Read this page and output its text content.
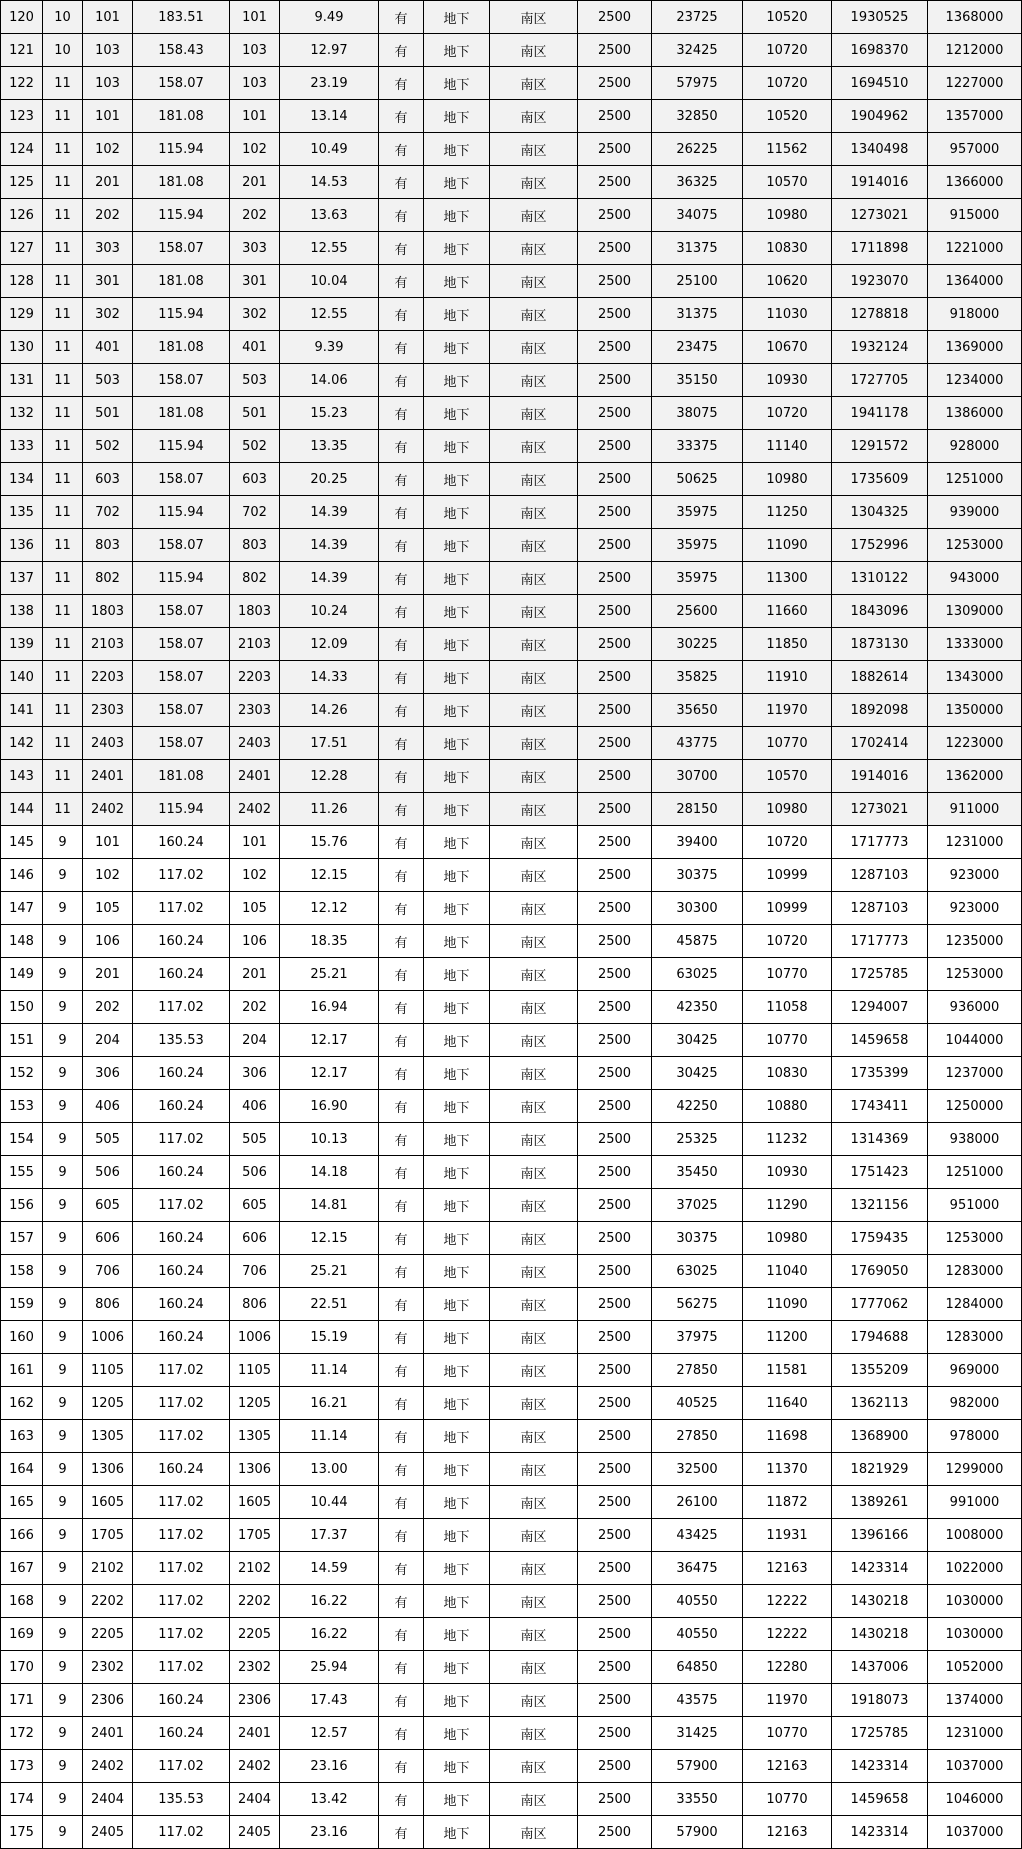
120	10	101	183.51	101	9.49	有	地下	南区	2500	23725	10520	1930525	1368000
121	10	103	158.43	103	12.97	有	地下	南区	2500	32425	10720	1698370	1212000
122	11	103	158.07	103	23.19	有	地下	南区	2500	57975	10720	1694510	1227000
123	11	101	181.08	101	13.14	有	地下	南区	2500	32850	10520	1904962	1357000
124	11	102	115.94	102	10.49	有	地下	南区	2500	26225	11562	1340498	957000
125	11	201	181.08	201	14.53	有	地下	南区	2500	36325	10570	1914016	1366000
126	11	202	115.94	202	13.63	有	地下	南区	2500	34075	10980	1273021	915000
127	11	303	158.07	303	12.55	有	地下	南区	2500	31375	10830	1711898	1221000
128	11	301	181.08	301	10.04	有	地下	南区	2500	25100	10620	1923070	1364000
129	11	302	115.94	302	12.55	有	地下	南区	2500	31375	11030	1278818	918000
130	11	401	181.08	401	9.39	有	地下	南区	2500	23475	10670	1932124	1369000
131	11	503	158.07	503	14.06	有	地下	南区	2500	35150	10930	1727705	1234000
132	11	501	181.08	501	15.23	有	地下	南区	2500	38075	10720	1941178	1386000
133	11	502	115.94	502	13.35	有	地下	南区	2500	33375	11140	1291572	928000
134	11	603	158.07	603	20.25	有	地下	南区	2500	50625	10980	1735609	1251000
135	11	702	115.94	702	14.39	有	地下	南区	2500	35975	11250	1304325	939000
136	11	803	158.07	803	14.39	有	地下	南区	2500	35975	11090	1752996	1253000
137	11	802	115.94	802	14.39	有	地下	南区	2500	35975	11300	1310122	943000
138	11	1803	158.07	1803	10.24	有	地下	南区	2500	25600	11660	1843096	1309000
139	11	2103	158.07	2103	12.09	有	地下	南区	2500	30225	11850	1873130	1333000
140	11	2203	158.07	2203	14.33	有	地下	南区	2500	35825	11910	1882614	1343000
141	11	2303	158.07	2303	14.26	有	地下	南区	2500	35650	11970	1892098	1350000
142	11	2403	158.07	2403	17.51	有	地下	南区	2500	43775	10770	1702414	1223000
143	11	2401	181.08	2401	12.28	有	地下	南区	2500	30700	10570	1914016	1362000
144	11	2402	115.94	2402	11.26	有	地下	南区	2500	28150	10980	1273021	911000
145	9	101	160.24	101	15.76	有	地下	南区	2500	39400	10720	1717773	1231000
146	9	102	117.02	102	12.15	有	地下	南区	2500	30375	10999	1287103	923000
147	9	105	117.02	105	12.12	有	地下	南区	2500	30300	10999	1287103	923000
148	9	106	160.24	106	18.35	有	地下	南区	2500	45875	10720	1717773	1235000
149	9	201	160.24	201	25.21	有	地下	南区	2500	63025	10770	1725785	1253000
150	9	202	117.02	202	16.94	有	地下	南区	2500	42350	11058	1294007	936000
151	9	204	135.53	204	12.17	有	地下	南区	2500	30425	10770	1459658	1044000
152	9	306	160.24	306	12.17	有	地下	南区	2500	30425	10830	1735399	1237000
153	9	406	160.24	406	16.90	有	地下	南区	2500	42250	10880	1743411	1250000
154	9	505	117.02	505	10.13	有	地下	南区	2500	25325	11232	1314369	938000
155	9	506	160.24	506	14.18	有	地下	南区	2500	35450	10930	1751423	1251000
156	9	605	117.02	605	14.81	有	地下	南区	2500	37025	11290	1321156	951000
157	9	606	160.24	606	12.15	有	地下	南区	2500	30375	10980	1759435	1253000
158	9	706	160.24	706	25.21	有	地下	南区	2500	63025	11040	1769050	1283000
159	9	806	160.24	806	22.51	有	地下	南区	2500	56275	11090	1777062	1284000
160	9	1006	160.24	1006	15.19	有	地下	南区	2500	37975	11200	1794688	1283000
161	9	1105	117.02	1105	11.14	有	地下	南区	2500	27850	11581	1355209	969000
162	9	1205	117.02	1205	16.21	有	地下	南区	2500	40525	11640	1362113	982000
163	9	1305	117.02	1305	11.14	有	地下	南区	2500	27850	11698	1368900	978000
164	9	1306	160.24	1306	13.00	有	地下	南区	2500	32500	11370	1821929	1299000
165	9	1605	117.02	1605	10.44	有	地下	南区	2500	26100	11872	1389261	991000
166	9	1705	117.02	1705	17.37	有	地下	南区	2500	43425	11931	1396166	1008000
167	9	2102	117.02	2102	14.59	有	地下	南区	2500	36475	12163	1423314	1022000
168	9	2202	117.02	2202	16.22	有	地下	南区	2500	40550	12222	1430218	1030000
169	9	2205	117.02	2205	16.22	有	地下	南区	2500	40550	12222	1430218	1030000
170	9	2302	117.02	2302	25.94	有	地下	南区	2500	64850	12280	1437006	1052000
171	9	2306	160.24	2306	17.43	有	地下	南区	2500	43575	11970	1918073	1374000
172	9	2401	160.24	2401	12.57	有	地下	南区	2500	31425	10770	1725785	1231000
173	9	2402	117.02	2402	23.16	有	地下	南区	2500	57900	12163	1423314	1037000
174	9	2404	135.53	2404	13.42	有	地下	南区	2500	33550	10770	1459658	1046000
175	9	2405	117.02	2405	23.16	有	地下	南区	2500	57900	12163	1423314	1037000
